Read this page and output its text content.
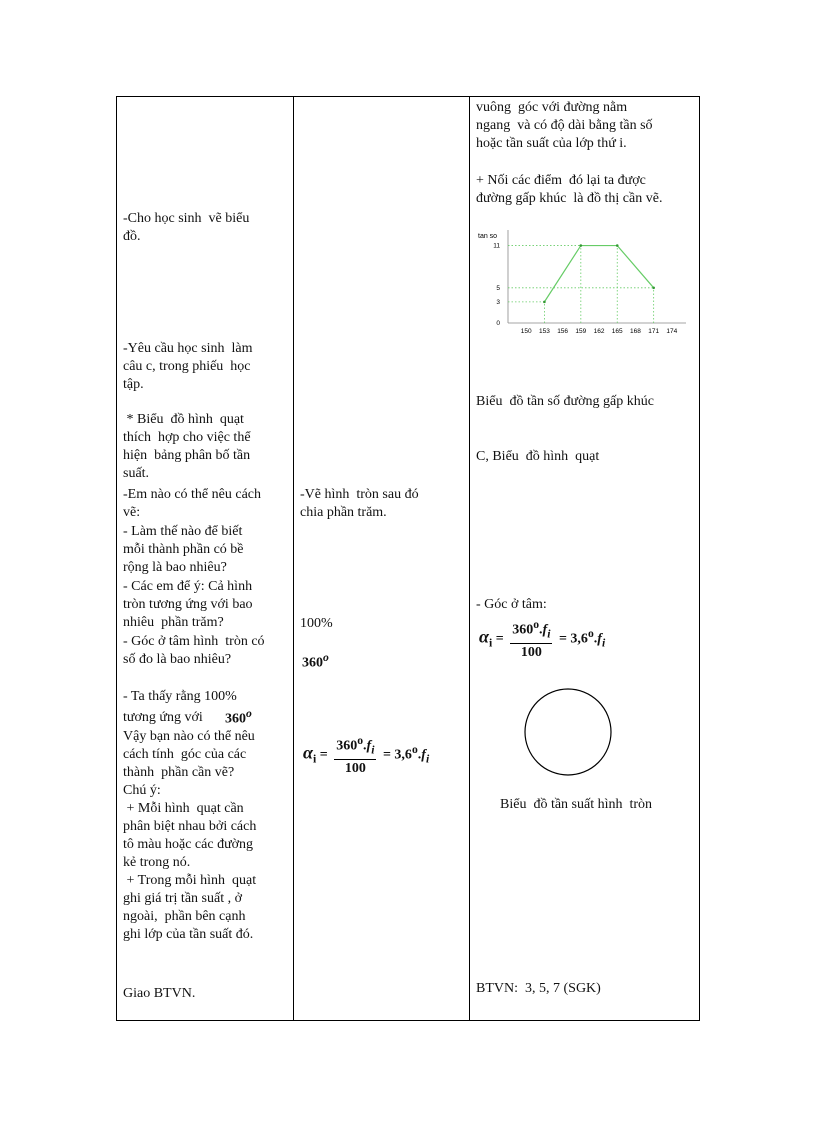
-Cho học sinh  vẽ biểu
đồ.
-Yêu cầu học sinh  làm
câu c, trong phiếu  học
tập.
* Biểu  đồ hình  quạt
thích  hợp cho việc thể
hiện  bảng phân bố tần
suất.
-Em nào có thể nêu cách
vẽ:
- Làm thế nào để biết
mỗi thành phần có bề
rộng là bao nhiêu?
- Các em để ý: Cả hình
tròn tương ứng với bao
nhiêu  phần trăm?
- Góc ở tâm hình  tròn có
số đo là bao nhiêu?
- Ta thấy rằng 100%
tương ứng với
Vậy bạn nào có thể nêu
cách tính  góc của các
thành  phần cần vẽ?
Chú ý:
+ Mỗi hình  quạt cần
phân biệt nhau bởi cách
tô màu hoặc các đường
kẻ trong nó.
+ Trong mỗi hình  quạt
ghi giá trị tần suất , ở
ngoài,  phần bên cạnh
ghi lớp của tần suất đó.
Giao BTVN.
-Vẽ hình  tròn sau đó
chia phần trăm.
100%
vuông  góc với đường nằm
ngang  và có độ dài bằng tần số
hoặc tần suất của lớp thứ i.
+ Nối các điểm  đó lại ta được
đường gấp khúc  là đồ thị cần vẽ.
Biểu  đồ tần số đường gấp khúc
C, Biểu  đồ hình  quạt
- Góc ở tâm:
BTVN:  3, 5, 7 (SGK)
Biểu  đồ tần suất hình  tròn
360$^o$
360$^o$
$\alpha_i = \frac{360^o.f_i}{100} = 3,6^o.f_i$
$\alpha_i = \frac{360^o.f_i}{100} = 3,6^o.f_i$
tan so
150 153 156 159 162 165 168 171 174
0
3
5
11
